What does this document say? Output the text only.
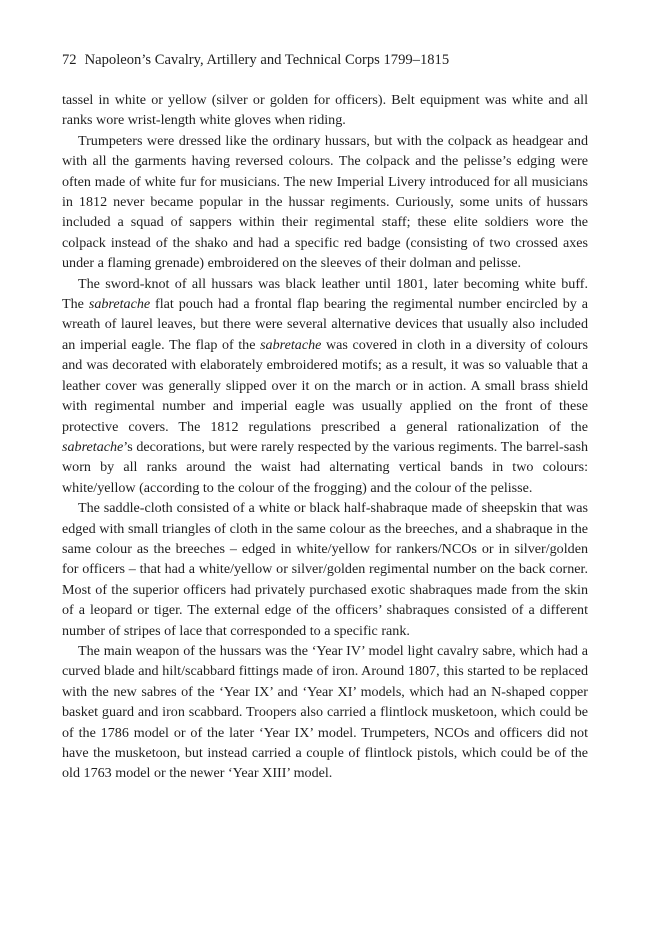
72 Napoleon’s Cavalry, Artillery and Technical Corps 1799–1815

tassel in white or yellow (silver or golden for officers). Belt equipment was white and all ranks wore wrist-length white gloves when riding.

Trumpeters were dressed like the ordinary hussars, but with the colpack as headgear and with all the garments having reversed colours. The colpack and the pelisse’s edging were often made of white fur for musicians. The new Imperial Livery introduced for all musicians in 1812 never became popular in the hussar regiments. Curiously, some units of hussars included a squad of sappers within their regimental staff; these elite soldiers wore the colpack instead of the shako and had a specific red badge (consisting of two crossed axes under a flaming grenade) embroidered on the sleeves of their dolman and pelisse.

The sword-knot of all hussars was black leather until 1801, later becoming white buff. The sabretache flat pouch had a frontal flap bearing the regimental number encircled by a wreath of laurel leaves, but there were several alternative devices that usually also included an imperial eagle. The flap of the sabretache was covered in cloth in a diversity of colours and was decorated with elaborately embroidered motifs; as a result, it was so valuable that a leather cover was generally slipped over it on the march or in action. A small brass shield with regimental number and imperial eagle was usually applied on the front of these protective covers. The 1812 regulations prescribed a general rationalization of the sabretache’s decorations, but were rarely respected by the various regiments. The barrel-sash worn by all ranks around the waist had alternating vertical bands in two colours: white/yellow (according to the colour of the frogging) and the colour of the pelisse.

The saddle-cloth consisted of a white or black half-shabraque made of sheepskin that was edged with small triangles of cloth in the same colour as the breeches, and a shabraque in the same colour as the breeches – edged in white/yellow for rankers/NCOs or in silver/golden for officers – that had a white/yellow or silver/golden regimental number on the back corner. Most of the superior officers had privately purchased exotic shabraques made from the skin of a leopard or tiger. The external edge of the officers’ shabraques consisted of a different number of stripes of lace that corresponded to a specific rank.

The main weapon of the hussars was the ‘Year IV’ model light cavalry sabre, which had a curved blade and hilt/scabbard fittings made of iron. Around 1807, this started to be replaced with the new sabres of the ‘Year IX’ and ‘Year XI’ models, which had an N-shaped copper basket guard and iron scabbard. Troopers also carried a flintlock musketoon, which could be of the 1786 model or of the later ‘Year IX’ model. Trumpeters, NCOs and officers did not have the musketoon, but instead carried a couple of flintlock pistols, which could be of the old 1763 model or the newer ‘Year XIII’ model.
